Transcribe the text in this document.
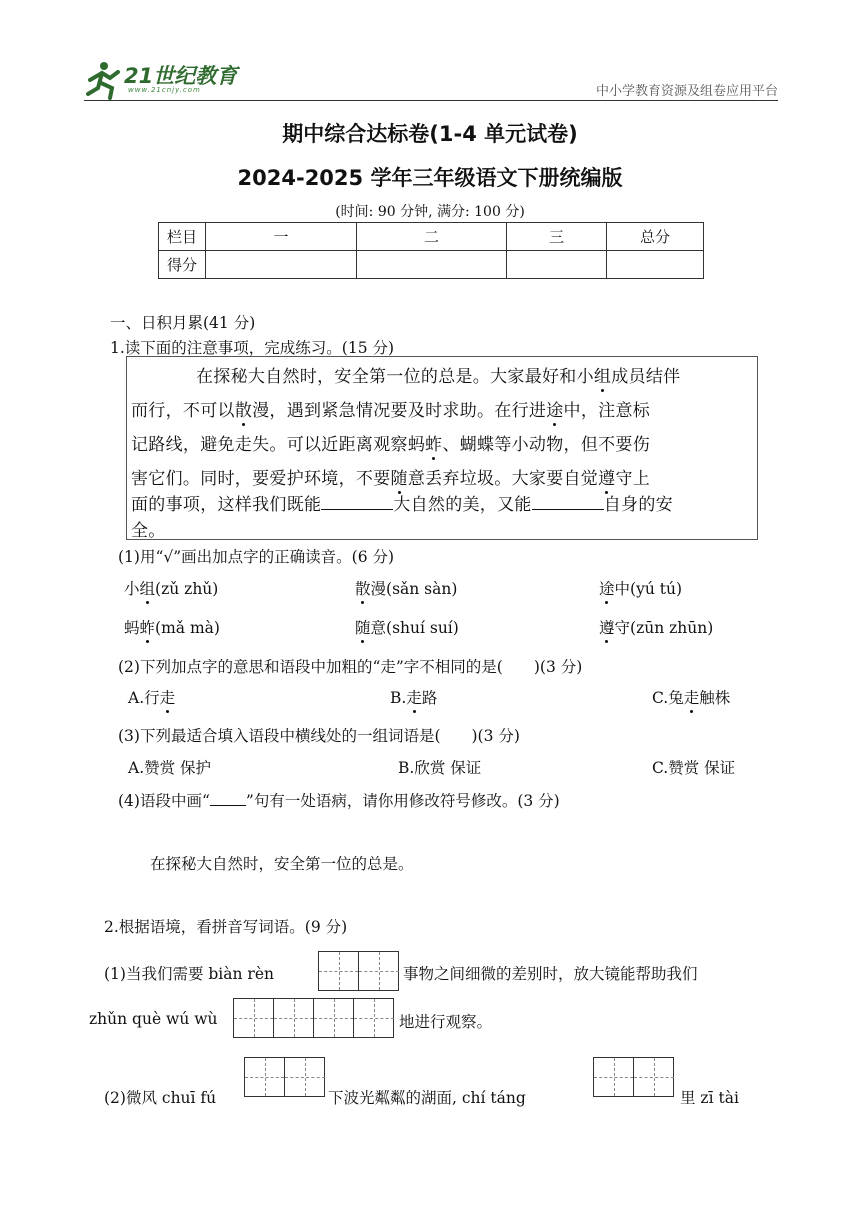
21世纪教育
www.21cnjy.com	中小学教育资源及组卷应用平台
期中综合达标卷(1-4 单元试卷)
2024-2025 学年三年级语文下册统编版
(时间: 90 分钟, 满分: 100 分)
栏目	一	二	三	总分
得分				
一、日积月累(41 分)
1.读下面的注意事项，完成练习。(15 分)
在探秘大自然时，安全第一位的总是。大家最好和小组成员结伴
而行，不可以散漫，遇到紧急情况要及时求助。在行进途中，注意标
记路线，避免走失。可以近距离观察蚂蚱、蝴蝶等小动物，但不要伤
害它们。同时，要爱护环境，不要随意丢弃垃圾。大家要自觉遵守上
面的事项，这样我们既能	大自然的美，又能	自身的安
全。
(1)用“√”画出加点字的正确读音。(6 分)
小组(zǔ zhǔ)	散漫(sǎn sàn)	途中(yú tú)
蚂蚱(mǎ mà)	随意(shuí suí)	遵守(zūn zhūn)
(2)下列加点字的意思和语段中加粗的“走”字不相同的是(　　)(3 分)
A.行走	B.走路	C.兔走触株
(3)下列最适合填入语段中横线处的一组词语是(　　)(3 分)
A.赞赏 保护	B.欣赏 保证	C.赞赏 保证
(4)语段中画“ ”句有一处语病，请你用修改符号修改。(3 分)
在探秘大自然时，安全第一位的总是。
2.根据语境，看拼音写词语。(9 分)
(1)当我们需要 biàn rèn	事物之间细微的差别时，放大镜能帮助我们
zhǔn què wú wù	地进行观察。
(2)微风 chuī fú	下波光粼粼的湖面, chí táng	里 zī tài
